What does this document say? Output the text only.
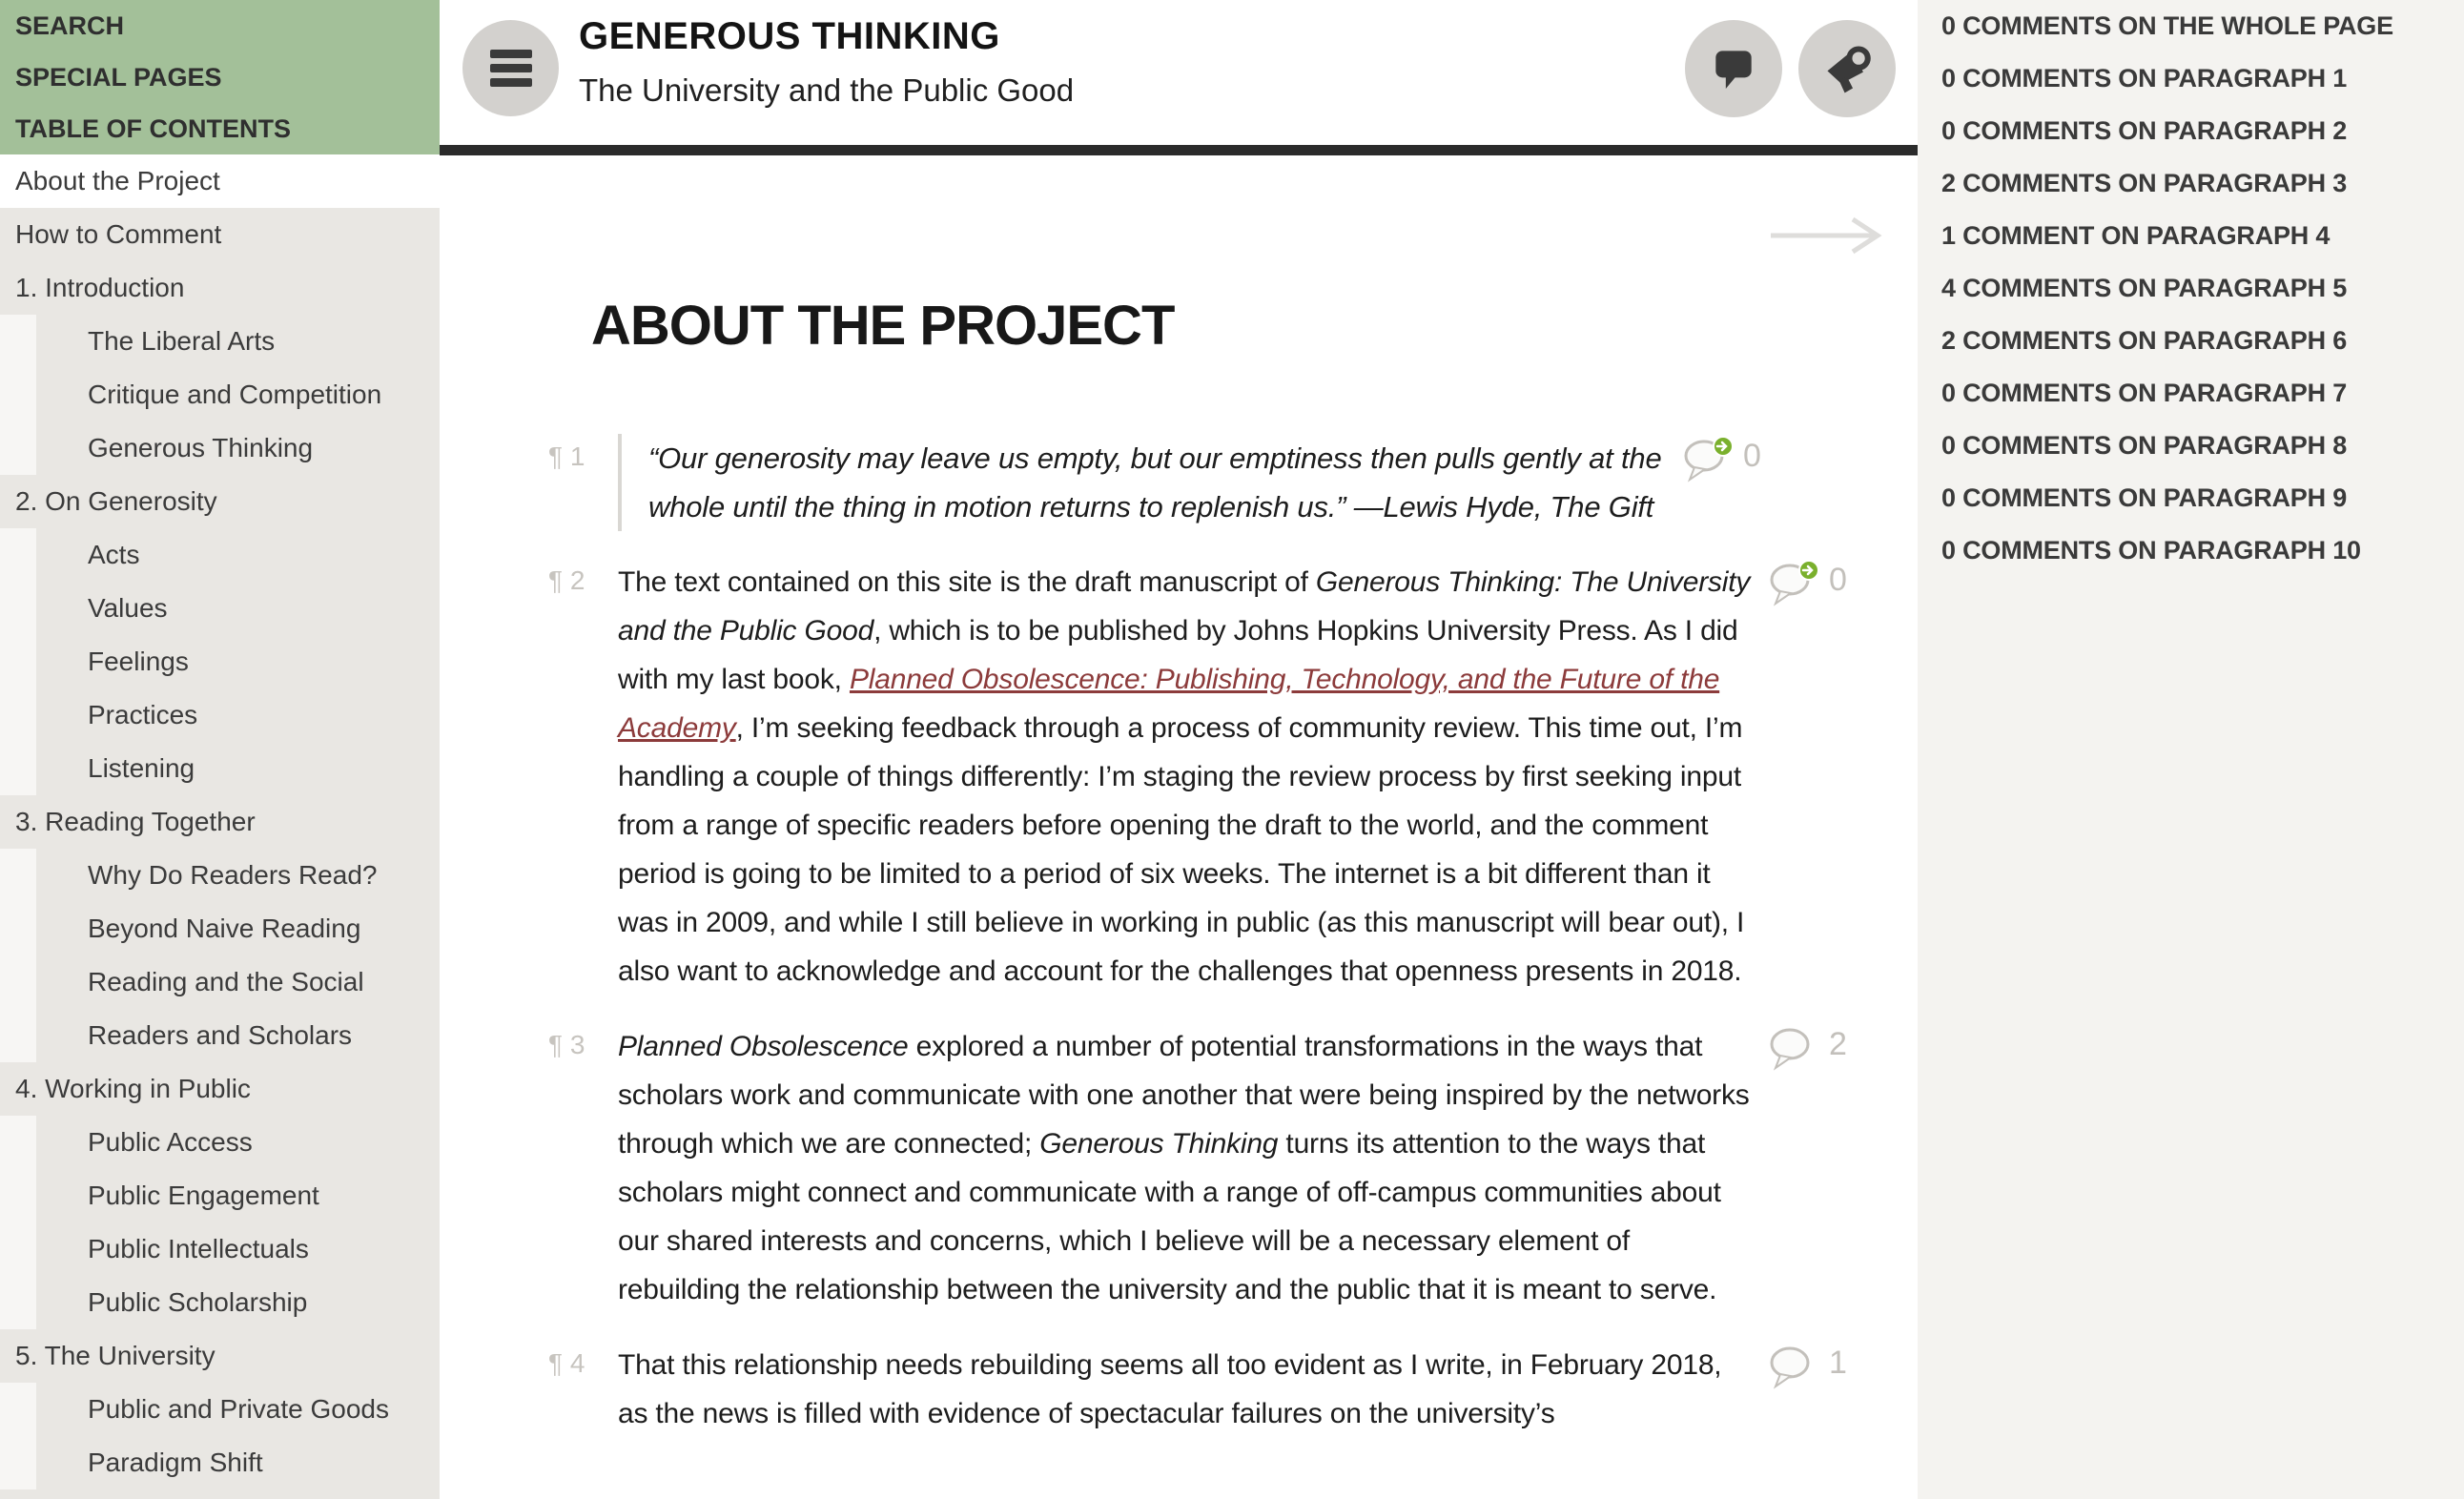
SEARCH
SPECIAL PAGES
TABLE OF CONTENTS
About the Project
How to Comment
1. Introduction
The Liberal Arts
Critique and Competition
Generous Thinking
2. On Generosity
Acts
Values
Feelings
Practices
Listening
3. Reading Together
Why Do Readers Read?
Beyond Naive Reading
Reading and the Social
Readers and Scholars
4. Working in Public
Public Access
Public Engagement
Public Intellectuals
Public Scholarship
5. The University
Public and Private Goods
Paradigm Shift
GENEROUS THINKING
The University and the Public Good
ABOUT THE PROJECT
¶ 1	“Our generosity may leave us empty, but our emptiness then pulls gently at the whole until the thing in motion returns to replenish us.” —Lewis Hyde, The Gift
0
¶ 2	The text contained on this site is the draft manuscript of Generous Thinking: The University and the Public Good, which is to be published by Johns Hopkins University Press. As I did with my last book, Planned Obsolescence: Publishing, Technology, and the Future of the Academy, I’m seeking feedback through a process of community review. This time out, I’m handling a couple of things differently: I’m staging the review process by first seeking input from a range of specific readers before opening the draft to the world, and the comment period is going to be limited to a period of six weeks. The internet is a bit different than it was in 2009, and while I still believe in working in public (as this manuscript will bear out), I also want to acknowledge and account for the challenges that openness presents in 2018.
0
¶ 3	Planned Obsolescence explored a number of potential transformations in the ways that scholars work and communicate with one another that were being inspired by the networks through which we are connected; Generous Thinking turns its attention to the ways that scholars might connect and communicate with a range of off-campus communities about our shared interests and concerns, which I believe will be a necessary element of rebuilding the relationship between the university and the public that it is meant to serve.
2
¶ 4	That this relationship needs rebuilding seems all too evident as I write, in February 2018, as the news is filled with evidence of spectacular failures on the university’s
1
0 COMMENTS ON THE WHOLE PAGE
0 COMMENTS ON PARAGRAPH 1
0 COMMENTS ON PARAGRAPH 2
2 COMMENTS ON PARAGRAPH 3
1 COMMENT ON PARAGRAPH 4
4 COMMENTS ON PARAGRAPH 5
2 COMMENTS ON PARAGRAPH 6
0 COMMENTS ON PARAGRAPH 7
0 COMMENTS ON PARAGRAPH 8
0 COMMENTS ON PARAGRAPH 9
0 COMMENTS ON PARAGRAPH 10
